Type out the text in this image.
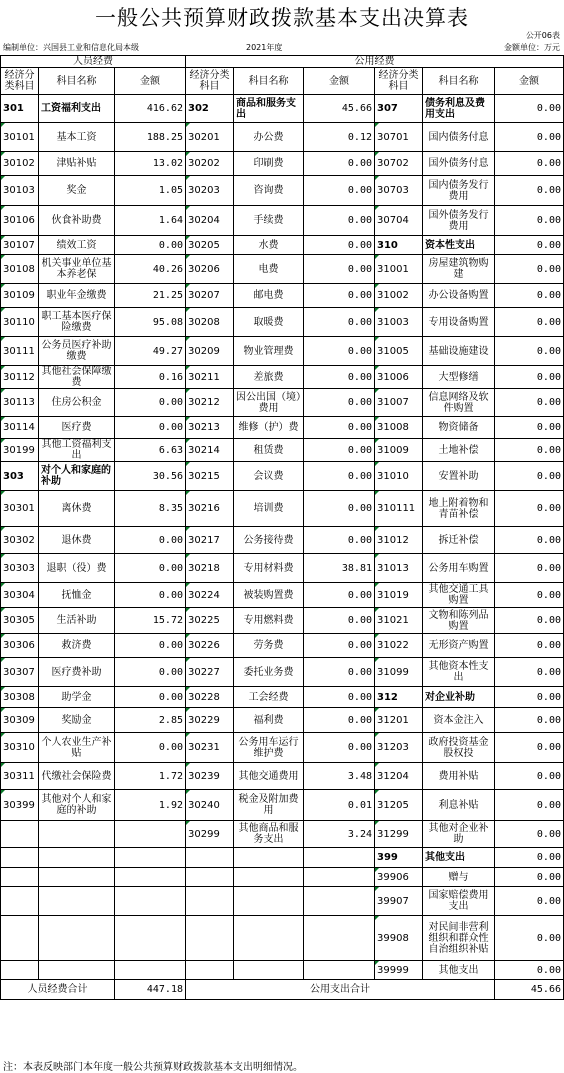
一般公共预算财政拨款基本支出决算表
公开06表
编制单位：兴国县工业和信息化局本级	2021年度	金额单位：万元
人员经费			公用经费					
经济分类科目	科目名称	金额	经济分类科目	科目名称	金额	经济分类科目	科目名称	金额
301	工资福利支出	416.62	302	商品和服务支出	45.66	307	债务利息及费用支出	0.00
30101	基本工资	188.25	30201	办公费	0.12	30701	国内债务付息	0.00
30102	津贴补贴	13.02	30202	印刷费	0.00	30702	国外债务付息	0.00
30103	奖金	1.05	30203	咨询费	0.00	30703	国内债务发行费用	0.00
30106	伙食补助费	1.64	30204	手续费	0.00	30704	国外债务发行费用	0.00
30107	绩效工资	0.00	30205	水费	0.00	310	资本性支出	0.00
30108	机关事业单位基本养老保	40.26	30206	电费	0.00	31001	房屋建筑物购建	0.00
30109	职业年金缴费	21.25	30207	邮电费	0.00	31002	办公设备购置	0.00
30110	职工基本医疗保险缴费	95.08	30208	取暖费	0.00	31003	专用设备购置	0.00
30111	公务员医疗补助缴费	49.27	30209	物业管理费	0.00	31005	基础设施建设	0.00
30112	其他社会保障缴费	0.16	30211	差旅费	0.00	31006	大型修缮	0.00
30113	住房公积金	0.00	30212	因公出国（境）费用	0.00	31007	信息网络及软件购置	0.00
30114	医疗费	0.00	30213	维修（护）费	0.00	31008	物资储备	0.00
30199	其他工资福利支出	6.63	30214	租赁费	0.00	31009	土地补偿	0.00
303	对个人和家庭的补助	30.56	30215	会议费	0.00	31010	安置补助	0.00
30301	离休费	8.35	30216	培训费	0.00	310111	地上附着物和青苗补偿	0.00
30302	退休费	0.00	30217	公务接待费	0.00	31012	拆迁补偿	0.00
30303	退职（役）费	0.00	30218	专用材料费	38.81	31013	公务用车购置	0.00
30304	抚恤金	0.00	30224	被装购置费	0.00	31019	其他交通工具购置	0.00
30305	生活补助	15.72	30225	专用燃料费	0.00	31021	文物和陈列品购置	0.00
30306	救济费	0.00	30226	劳务费	0.00	31022	无形资产购置	0.00
30307	医疗费补助	0.00	30227	委托业务费	0.00	31099	其他资本性支出	0.00
30308	助学金	0.00	30228	工会经费	0.00	312	对企业补助	0.00
30309	奖励金	2.85	30229	福利费	0.00	31201	资本金注入	0.00
30310	个人农业生产补贴	0.00	30231	公务用车运行维护费	0.00	31203	政府投资基金股权投	0.00
30311	代缴社会保险费	1.72	30239	其他交通费用	3.48	31204	费用补贴	0.00
30399	其他对个人和家庭的补助	1.92	30240	税金及附加费用	0.01	31205	利息补贴	0.00
			30299	其他商品和服务支出	3.24	31299	其他对企业补助	0.00
						399	其他支出	0.00
						39906	赠与	0.00
						39907	国家赔偿费用支出	0.00
						39908	对民间非营利组织和群众性自治组织补贴	0.00
						39999	其他支出	0.00
人员经费合计		447.18	公用支出合计					45.66
注：本表反映部门本年度一般公共预算财政拨款基本支出明细情况。
